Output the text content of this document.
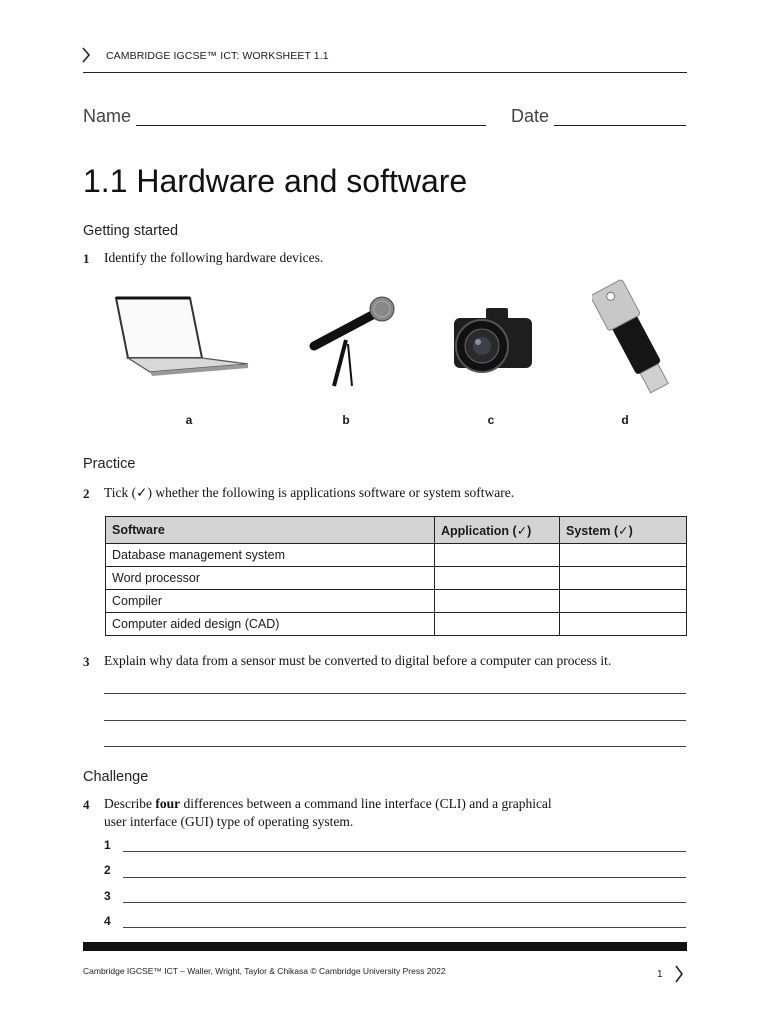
CAMBRIDGE IGCSE™ ICT: WORKSHEET 1.1
Name	Date
1.1 Hardware and software
Getting started
1 Identify the following hardware devices.
a	b	c	d
Practice
2 Tick (✓) whether the following is applications software or system software.
Software	Application (✓)	System (✓)
Database management system		
Word processor		
Compiler		
Computer aided design (CAD)		
3 Explain why data from a sensor must be converted to digital before a computer can process it.
Challenge
4 Describe four differences between a command line interface (CLI) and a graphical
user interface (GUI) type of operating system.
1
2
3
4
Cambridge IGCSE™ ICT – Waller, Wright, Taylor & Chikasa © Cambridge University Press 2022	1
